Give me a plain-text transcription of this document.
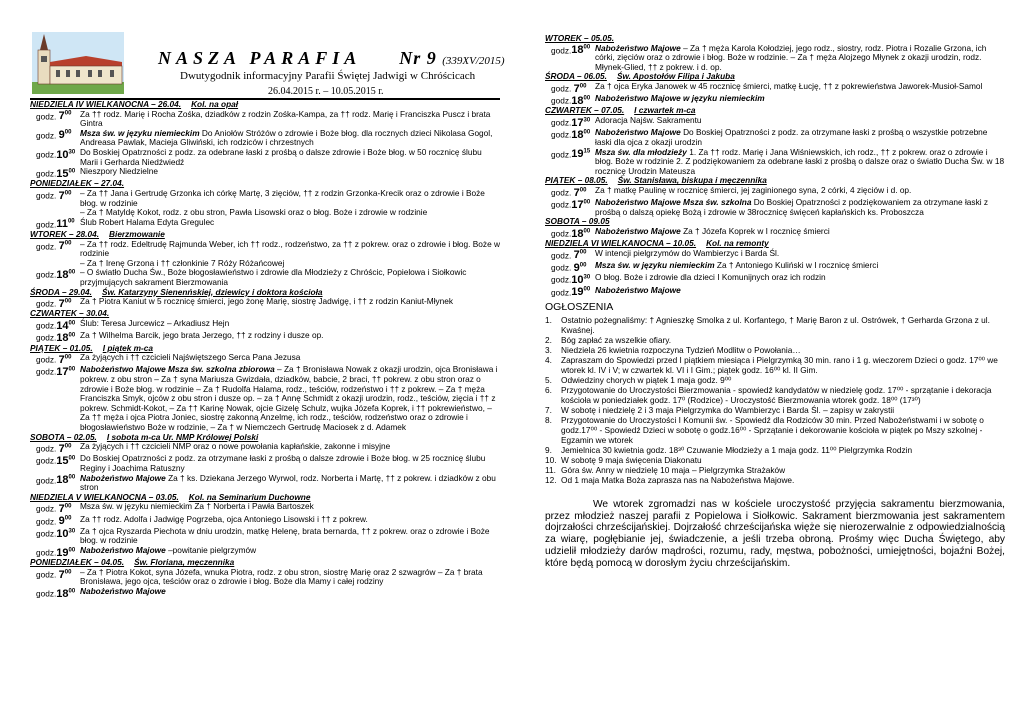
NASZA PARAFIA Nr 9 (339XV/2015)
Dwutygodnik informacyjny Parafii Świętej Jadwigi w Chróścicach
26.04.2015 r. – 10.05.2015 r.
NIEDZIELA IV WIELKANOCNA – 26.04. Kol. na opał
godz. $7^{00}$	Za †† rodz. Marię i Rocha Zośka, dziadków z rodzin Zośka-Kampa, za †† rodz. Marię i Franciszka Puscz i brata Gintra
godz. $9^{00}$	Msza św. w języku niemieckim Do Aniołów Stróżów o zdrowie i Boże błog. dla rocznych dzieci Nikolasa Gogol, Andreasa Pawlak, Macieja Gliwiński, ich rodziców i chrzestnych
$godz.10^{30}$ Do Boskiej Opatrzności z podz. za odebrane łaski z prośbą o dalsze zdrowie i Boże błog. w 50 rocznicę ślubu Marii i Gerharda Niedźwiedź
$godz.15^{00}$ Nieszpory Niedzielne
PONIEDZIAŁEK – 27.04.
godz. $7^{00}$	– Za †† Jana i Gertrudę Grzonka ich córkę Martę, 3 zięciów, †† z rodzin Grzonka-Krecik oraz o zdrowie i Boże błog. w rodzinie
– Za † Matyldę Kokot, rodz. z obu stron, Pawła Lisowski oraz o błog. Boże i zdrowie w rodzinie
$godz.11^{00}$ Ślub Robert Halama Edyta Gregulec
WTOREK – 28.04. Bierzmowanie
godz. $7^{00}$	– Za †† rodz. Edeltrudę Rajmunda Weber, ich †† rodz., rodzeństwo, za †† z pokrew. oraz o zdrowie i błog. Boże w rodzinie
– Za † Irenę Grzona i †† członkinie 7 Róży Różańcowej
$godz.18^{00}$ – O światło Ducha Św., Boże błogosławieństwo i zdrowie dla Młodzieży z Chróścic, Popielowa i Siołkowic przyjmujących sakrament Bierzmowania
ŚRODA – 29.04. Św. Katarzyny Sienenńskiej, dziewicy i doktora kościoła
godz. $7^{00}$	Za † Piotra Kaniut w 5 rocznicę śmierci, jego żonę Marię, siostrę Jadwigę, i †† z rodzin Kaniut-Młynek
CZWARTEK – 30.04.
$godz.14^{00}$ Ślub: Teresa Jurcewicz – Arkadiusz Hejn
$godz.18^{00}$ Za † Wilhelma Barcik, jego brata Jerzego, †† z rodziny i dusze op.
PIĄTEK – 01.05. I piątek m-ca
godz. $7^{00}$	Za żyjących i †† czcicieli Najświętszego Serca Pana Jezusa
$godz.17^{00}$ Nabożeństwo Majowe Msza św. szkolna zbiorowa – Za † Bronisława Nowak z okazji urodzin, ojca Bronisława i pokrew. z obu stron – Za † syna Mariusza Gwizdała, dziadków, babcie, 2 braci, †† pokrew. z obu stron oraz o zdrowie i Boże błog. w rodzinie – Za † Rudolfa Halama, rodz., teściów, rodzeństwo i †† z pokrew. – Za † męża Franciszka Smyk, ojców z obu stron i dusze op. – za † Annę Schmidt z okazji urodzin, rodz., teściów, zięcia i †† z pokrew. Schmidt-Kokot, – Za †† Karinę Nowak, ojcie Gizelę Schulz, wujka Józefa Koprek, i †† pokrewieństwo, – Za †† męża i ojca Piotra Joniec, siostrę zakonną Anzelmę, ich rodz., teściów, rodzeństwo oraz o zdrowie i błogosławieństwo Boże w rodzinie, – Za † w Niemczech Gertrudę Maciosek z d. Adamek
SOBOTA – 02.05. I sobota m-ca Ur. NMP Królowej Polski
godz. $7^{00}$	Za żyjących i †† czcicieli NMP oraz o nowe powołania kapłańskie, zakonne i misyjne
$godz.15^{00}$ Do Boskiej Opatrzności z podz. za otrzymane łaski z prośbą o dalsze zdrowie i Boże błog. w 25 rocznicę ślubu Reginy i Joachima Ratuszny
$godz.18^{00}$ Nabożeństwo Majowe Za † ks. Dziekana Jerzego Wyrwol, rodz. Norberta i Martę, †† z pokrew. i dziadków z obu stron
NIEDZIELA V WIELKANOCNA – 03.05. Kol. na Seminarium Duchowne
godz. $7^{00}$	Msza św. w języku niemieckim Za † Norberta i Pawła Bartoszek
godz. $9^{00}$	Za †† rodz. Adolfa i Jadwigę Pogrzeba, ojca Antoniego Lisowski i †† z pokrew.
$godz.10^{30}$ Za † ojca Ryszarda Piechota w dniu urodzin, matkę Helenę, brata bernarda, †† z pokrew. oraz o zdrowie i Boże błog. w rodzinie
$godz.19^{00}$ Nabożeństwo Majowe –powitanie pielgrzymów
PONIEDZIAŁEK – 04.05. Św. Floriana, męczennika
godz. $7^{00}$	– Za † Piotra Kokot, syna Józefa, wnuka Piotra, rodz. z obu stron, siostrę Marię oraz 2 szwagrów – Za † brata Bronisława, jego ojca, teściów oraz o zdrowie i błog. Boże dla Mamy i całej rodziny
$godz.18^{00}$ Nabożeństwo Majowe
WTOREK – 05.05.
$godz.18^{00}$ Nabożeństwo Majowe – Za † męża Karola Kołodziej, jego rodz., siostry, rodz. Piotra i Rozalie Grzona, ich córki, zięciów oraz o zdrowie i błog. Boże w rodzinie. – Za † męża Alojzego Młynek z okazji urodzin, rodz. Młynek-Glied, †† z pokrew. i d. op.
ŚRODA – 06.05. Św. Apostołów Filipa i Jakuba
godz. $7^{00}$	Za † ojca Eryka Janowek w 45 rocznicę śmierci, matkę Łucję, †† z pokrewieństwa Jaworek-Musioł-Samol
$godz.18^{00}$ Nabożeństwo Majowe w języku niemieckim
CZWARTEK – 07.05. I czwartek m-ca
$godz.17^{30}$ Adoracja Najśw. Sakramentu
$godz.18^{00}$ Nabożeństwo Majowe Do Boskiej Opatrzności z podz. za otrzymane łaski z prośbą o wszystkie potrzebne łaski dla ojca z okazji urodzin
$godz.19^{15}$ Msza św. dla młodzieży 1. Za †† rodz. Marię i Jana Wiśniewskich, ich rodz., †† z pokrew. oraz o zdrowie i błog. Boże w rodzinie 2. Z podziękowaniem za odebrane łaski z prośbą o dalsze oraz o światło Ducha Św. w 18 rocznicę Urodzin Mateusza
PIĄTEK – 08.05. Św. Stanisława, biskupa i męczennika
godz. $7^{00}$	Za † matkę Paulinę w rocznicę śmierci, jej zaginionego syna, 2 córki, 4 zięciów i d. op.
$godz.17^{00}$ Nabożeństwo Majowe Msza św. szkolna Do Boskiej Opatrzności z podziękowaniem za otrzymane łaski z prośbą o dalszą opiekę Bożą i zdrowie w 38rocznicę święceń kapłańskich ks. Proboszcza
SOBOTA – 09.05
$godz.18^{00}$ Nabożeństwo Majowe Za † Józefa Koprek w I rocznicę śmierci
NIEDZIELA VI WIELKANOCNA – 10.05. Kol. na remonty
godz. $7^{00}$	W intencji pielgrzymów do Wambierzyc i Barda Śl.
godz. $9^{00}$	Msza św. w języku niemieckim Za † Antoniego Kuliński w I rocznicę śmierci
$godz.10^{30}$ O błog. Boże i zdrowie dla dzieci I Komunijnych oraz ich rodzin
$godz.19^{00}$ Nabożeństwo Majowe
OGŁOSZENIA
1.	Ostatnio pożegnaliśmy: † Agnieszkę Smolka z ul. Korfantego, † Marię Baron z ul. Ostrówek, † Gerharda Grzona z ul. Kwaśnej.
2.	Bóg zapłać za wszelkie ofiary.
3.	Niedziela 26 kwietnia rozpoczyna Tydzień Modlitw o Powołania…
4.	Zapraszam do Spowiedzi przed I piątkiem miesiąca i Pielgrzymką 30 min. rano i 1 g. wieczorem Dzieci o godz. 17⁰⁰ we wtorek kl. IV i V; w czwartek kl. VI i I Gim.; piątek godz. 16⁰⁰ kl. II Gim.
5.	Odwiedziny chorych w piątek 1 maja godz. 9⁰⁰
6.	Przygotowanie do Uroczystości Bierzmowania - spowiedź kandydatów w niedzielę godz. 17⁰⁰ - sprzątanie i dekoracja kościoła w poniedziałek godz. 17⁰ (Rodzice) - Uroczystość Bierzmowania wtorek godz. 18⁰⁰ (17³⁰)
7.	W sobotę i niedzielę 2 i 3 maja Pielgrzymka do Wambierzyc i Barda Śl. – zapisy w zakrystii
8.	Przygotowanie do Uroczystości I Komunii św. - Spowiedź dla Rodziców 30 min. Przed Nabożeństwami i w sobotę o godz.17⁰⁰ - Spowiedź Dzieci w sobotę o godz.16⁰⁰ - Sprzątanie i dekorowanie kościoła w piątek po Mszy szkolnej - Egzamin we wtorek
9.	Jemielnica 30 kwietnia godz. 18³⁰ Czuwanie Młodzieży a 1 maja godz. 11⁰⁰ Pielgrzymka Rodzin
10. W sobotę 9 maja święcenia Diakonatu
11. Góra św. Anny w niedzielę 10 maja – Pielgrzymka Strażaków
12. Od 1 maja Matka Boża zaprasza nas na Nabożeństwa Majowe.
We wtorek zgromadzi nas w kościele uroczystość przyjęcia sakramentu bierzmowania, przez młodzież naszej parafii z Popielowa i Siołkowic. Sakrament bierzmowania jest sakramentem dojrzałości chrześcijańskiej. Dojrzałość chrześcijańska więże się nierozerwalnie z odpowiedzialnością za wiarę, pogłębianie jej, świadczenie, a jeśli trzeba obroną. Prośmy więc Ducha Świętego, aby udzielił młodzieży darów mądrości, rozumu, rady, męstwa, pobożności, umiejętności, bojaźni Bożej, które będą pomocą w dorosłym życiu chrześcijańskim.
